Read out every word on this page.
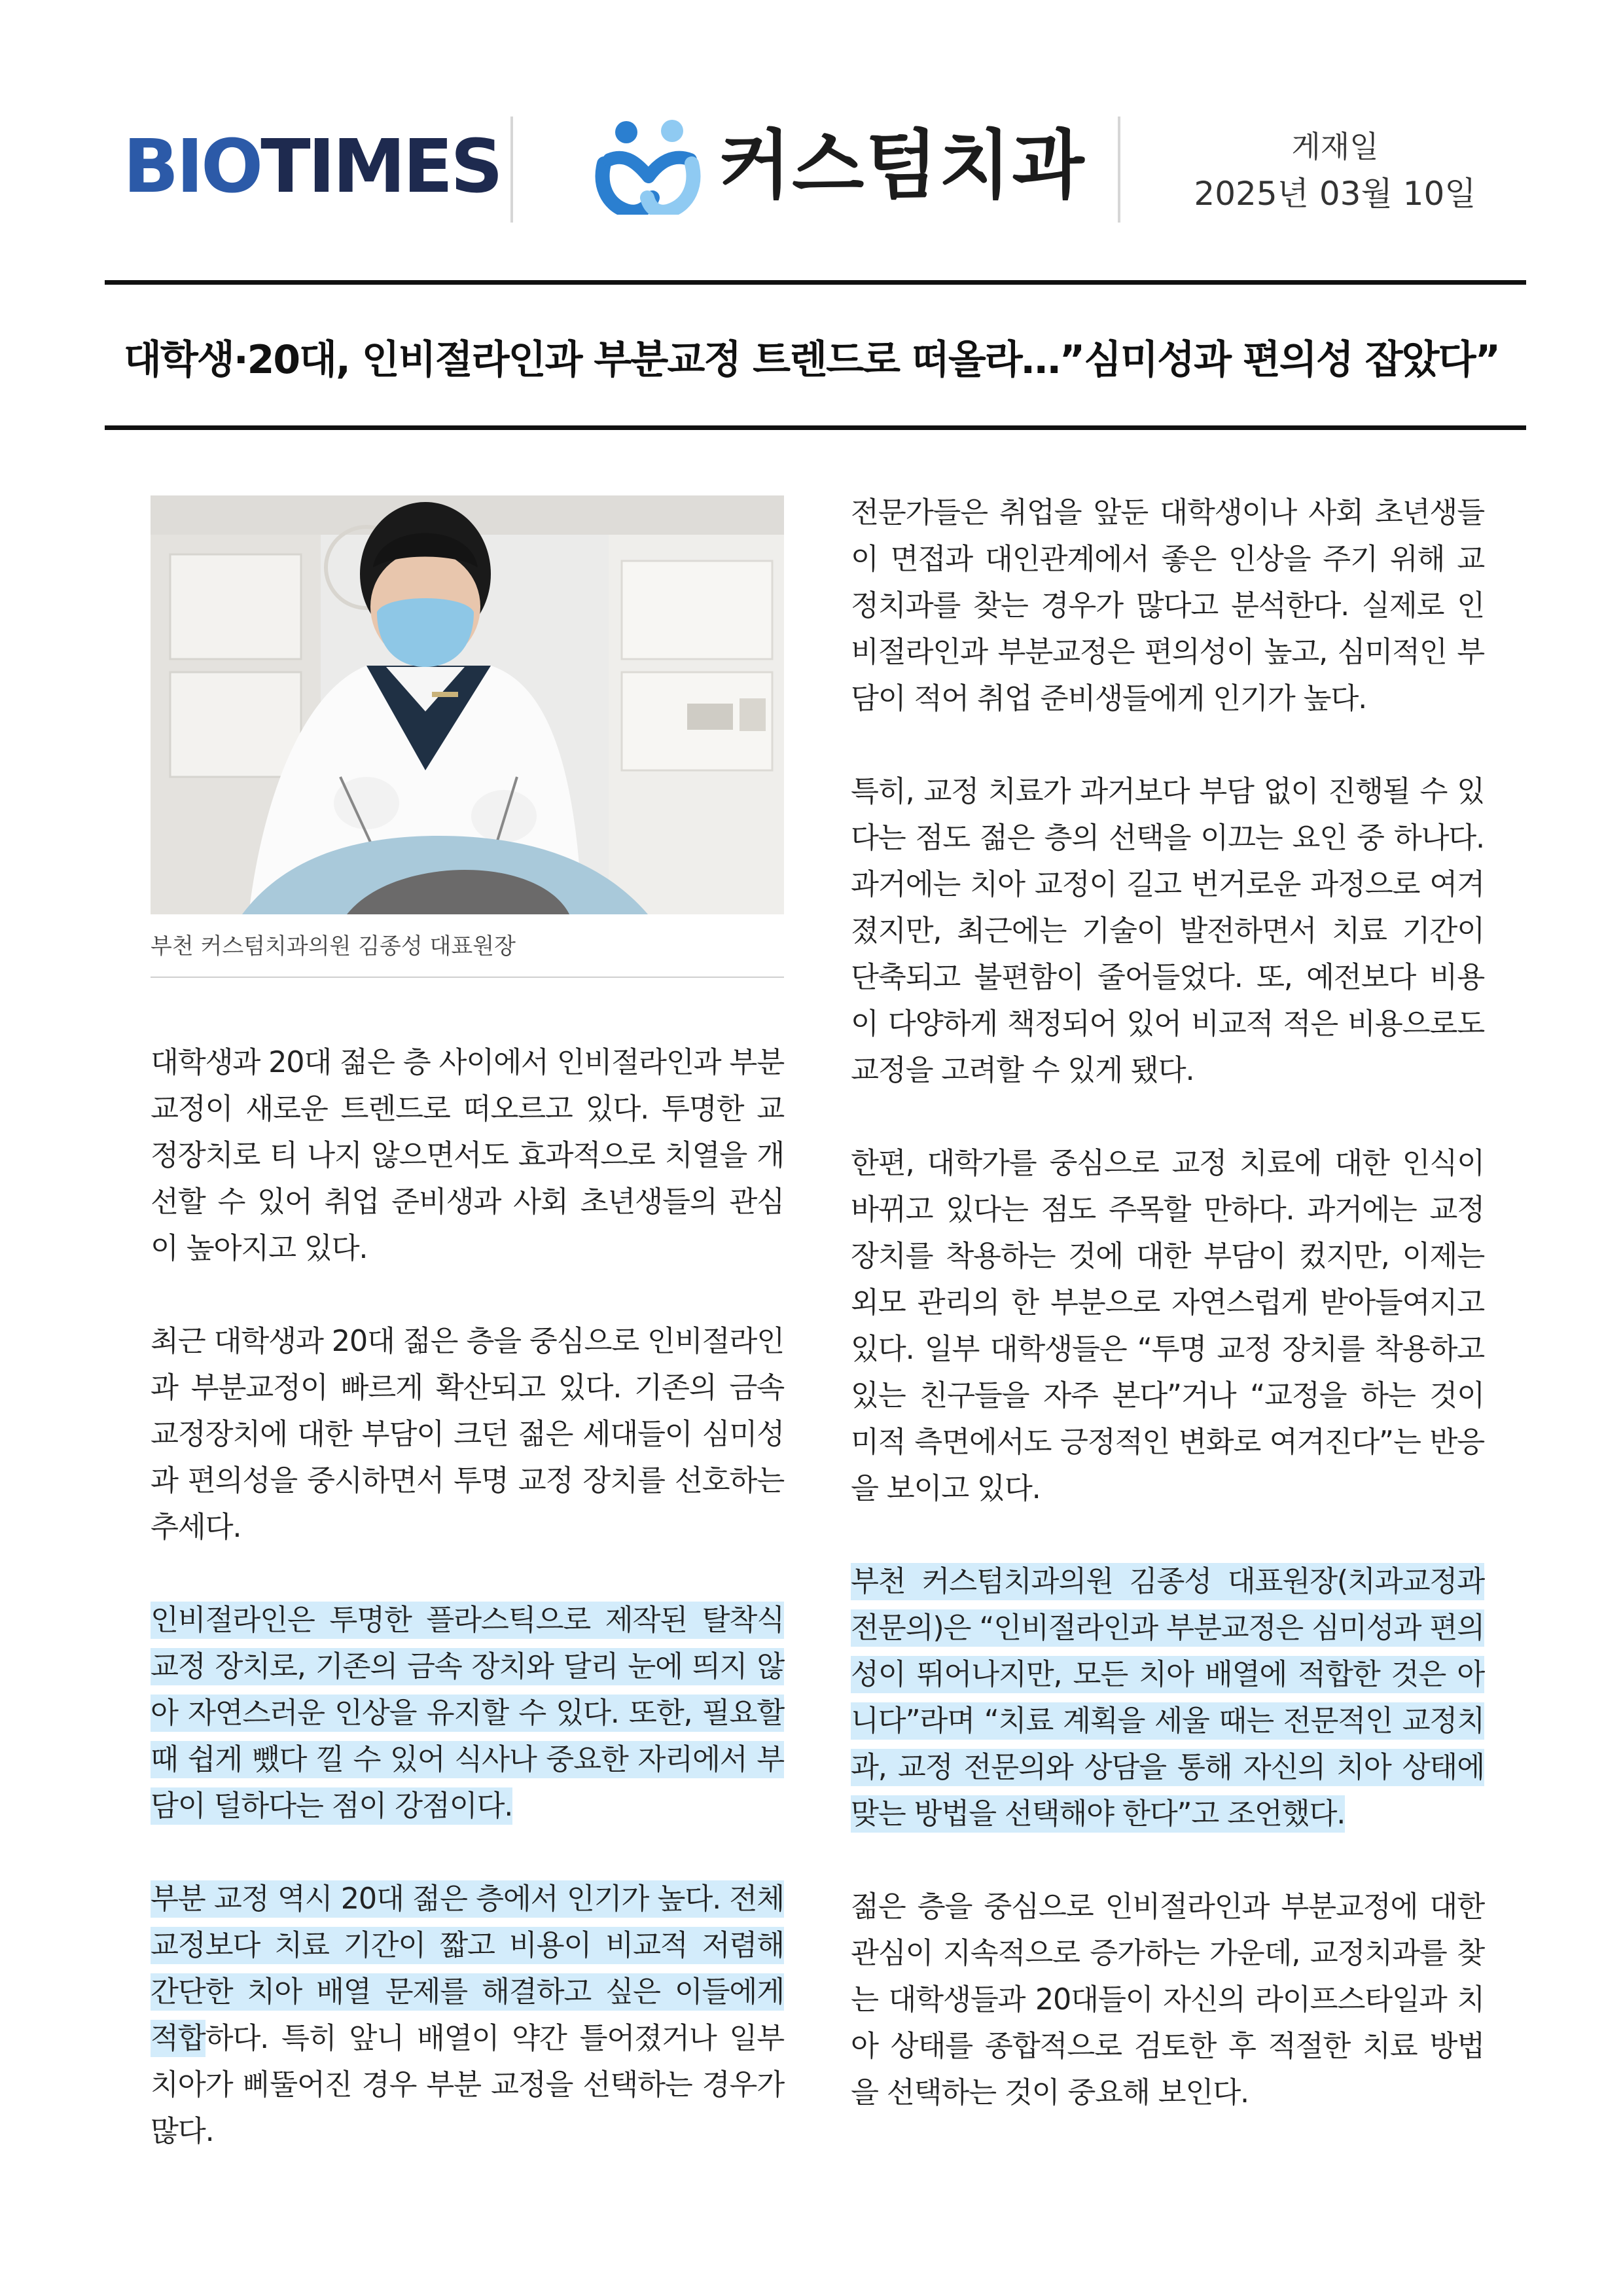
BIOTIMES	커스텀치과	게재일
2025년 03월 10일
대학생·20대, 인비절라인과 부분교정 트렌드로 떠올라…”심미성과 편의성 잡았다”
부천 커스텀치과의원 김종성 대표원장

대학생과 20대 젊은 층 사이에서 인비절라인과 부분교정이 새로운 트렌드로 떠오르고 있다. 투명한 교정장치로 티 나지 않으면서도 효과적으로 치열을 개선할 수 있어 취업 준비생과 사회 초년생들의 관심이 높아지고 있다.

최근 대학생과 20대 젊은 층을 중심으로 인비절라인과 부분교정이 빠르게 확산되고 있다. 기존의 금속 교정장치에 대한 부담이 크던 젊은 세대들이 심미성과 편의성을 중시하면서 투명 교정 장치를 선호하는 추세다.

인비절라인은 투명한 플라스틱으로 제작된 탈착식 교정 장치로, 기존의 금속 장치와 달리 눈에 띄지 않아 자연스러운 인상을 유지할 수 있다. 또한, 필요할 때 쉽게 뺐다 낄 수 있어 식사나 중요한 자리에서 부담이 덜하다는 점이 강점이다.

부분 교정 역시 20대 젊은 층에서 인기가 높다. 전체 교정보다 치료 기간이 짧고 비용이 비교적 저렴해 간단한 치아 배열 문제를 해결하고 싶은 이들에게 적합하다. 특히 앞니 배열이 약간 틀어졌거나 일부 치아가 삐뚤어진 경우 부분 교정을 선택하는 경우가 많다.

전문가들은 취업을 앞둔 대학생이나 사회 초년생들이 면접과 대인관계에서 좋은 인상을 주기 위해 교정치과를 찾는 경우가 많다고 분석한다. 실제로 인비절라인과 부분교정은 편의성이 높고, 심미적인 부담이 적어 취업 준비생들에게 인기가 높다.

특히, 교정 치료가 과거보다 부담 없이 진행될 수 있다는 점도 젊은 층의 선택을 이끄는 요인 중 하나다. 과거에는 치아 교정이 길고 번거로운 과정으로 여겨졌지만, 최근에는 기술이 발전하면서 치료 기간이 단축되고 불편함이 줄어들었다. 또, 예전보다 비용이 다양하게 책정되어 있어 비교적 적은 비용으로도 교정을 고려할 수 있게 됐다.

한편, 대학가를 중심으로 교정 치료에 대한 인식이 바뀌고 있다는 점도 주목할 만하다. 과거에는 교정 장치를 착용하는 것에 대한 부담이 컸지만, 이제는 외모 관리의 한 부분으로 자연스럽게 받아들여지고 있다. 일부 대학생들은 “투명 교정 장치를 착용하고 있는 친구들을 자주 본다”거나 “교정을 하는 것이 미적 측면에서도 긍정적인 변화로 여겨진다”는 반응을 보이고 있다.

부천 커스텀치과의원 김종성 대표원장(치과교정과 전문의)은 “인비절라인과 부분교정은 심미성과 편의성이 뛰어나지만, 모든 치아 배열에 적합한 것은 아니다”라며 “치료 계획을 세울 때는 전문적인 교정치과, 교정 전문의와 상담을 통해 자신의 치아 상태에 맞는 방법을 선택해야 한다”고 조언했다.

젊은 층을 중심으로 인비절라인과 부분교정에 대한 관심이 지속적으로 증가하는 가운데, 교정치과를 찾는 대학생들과 20대들이 자신의 라이프스타일과 치아 상태를 종합적으로 검토한 후 적절한 치료 방법을 선택하는 것이 중요해 보인다.
